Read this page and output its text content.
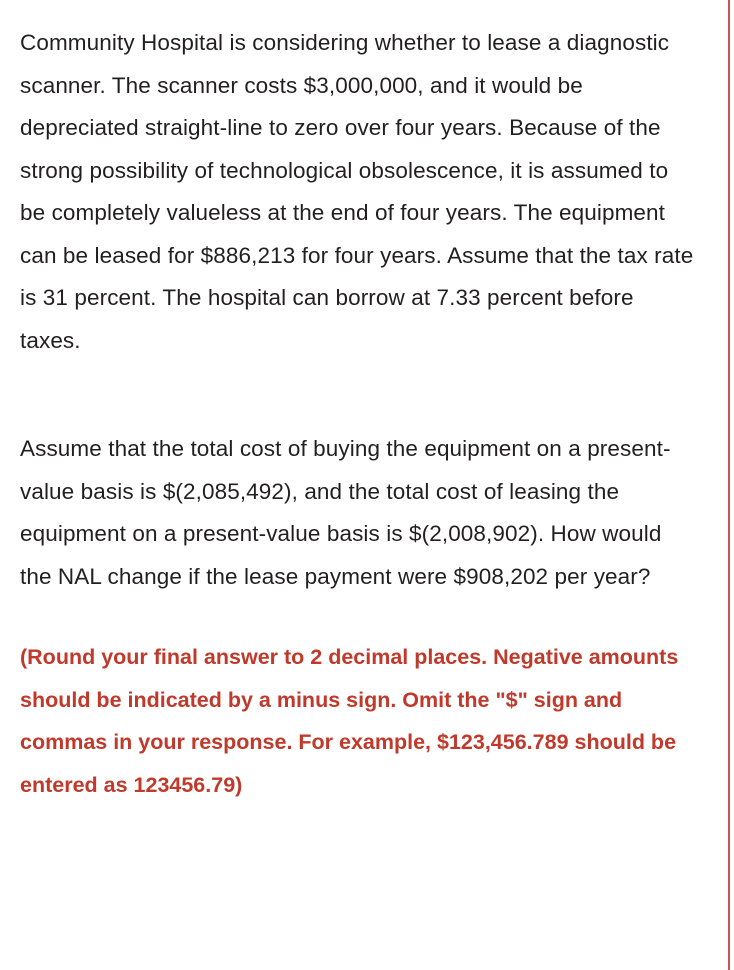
Community Hospital is considering whether to lease a diagnostic scanner. The scanner costs $3,000,000, and it would be depreciated straight-line to zero over four years. Because of the strong possibility of technological obsolescence, it is assumed to be completely valueless at the end of four years. The equipment can be leased for $886,213 for four years. Assume that the tax rate is 31 percent. The hospital can borrow at 7.33 percent before taxes.

Assume that the total cost of buying the equipment on a present-value basis is $(2,085,492), and the total cost of leasing the equipment on a present-value basis is $(2,008,902). How would the NAL change if the lease payment were $908,202 per year?

(Round your final answer to 2 decimal places. Negative amounts should be indicated by a minus sign. Omit the "$" sign and commas in your response. For example, $123,456.789 should be entered as 123456.79)
